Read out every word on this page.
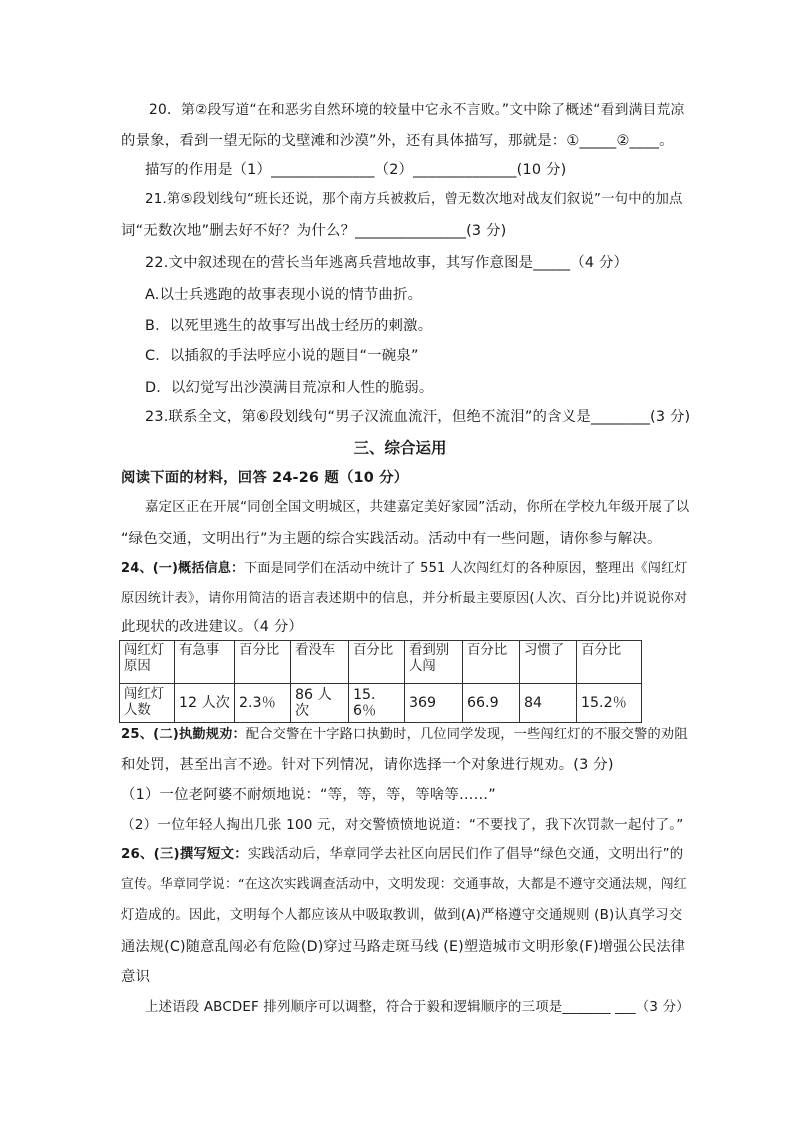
20．第②段写道“在和恶劣自然环境的较量中它永不言败。”文中除了概述“看到满目荒凉
的景象，看到一望无际的戈壁滩和沙漠”外，还有具体描写，那就是：①_____②____。
描写的作用是（1）______________（2）______________(10 分)
21.第⑤段划线句“班长还说，那个南方兵被救后，曾无数次地对战友们叙说”一句中的加点
词“无数次地”删去好不好？为什么？_______________(3 分)
22.文中叙述现在的营长当年逃离兵营地故事，其写作意图是_____（4 分）
A.以士兵逃跑的故事表现小说的情节曲折。
B．以死里逃生的故事写出战士经历的刺激。
C．以插叙的手法呼应小说的题目“一碗泉”
D．以幻觉写出沙漠满目荒凉和人性的脆弱。
23.联系全文，第⑥段划线句“男子汉流血流汗，但绝不流泪”的含义是________(3 分)
三、综合运用
阅读下面的材料，回答 24-26 题（10 分）
嘉定区正在开展“同创全国文明城区，共建嘉定美好家园”活动，你所在学校九年级开展了以
“绿色交通，文明出行”为主题的综合实践活动。活动中有一些问题，请你参与解决。
24、(一)概括信息：下面是同学们在活动中统计了 551 人次闯红灯的各种原因，整理出《闯红灯
原因统计表》，请你用简洁的语言表述期中的信息，并分析最主要原因(人次、百分比)并说说你对
此现状的改进建议。（4 分）
闯红灯原因	有急事	百分比	看没车	百分比	看到别人闯	百分比	习惯了	百分比
闯红灯人数	12 人次	2.3％	86 人次	15．6％	369	66.9	84	15.2％
25、(二)执勤规劝：配合交警在十字路口执勤时，几位同学发现，一些闯红灯的不服交警的劝阻
和处罚，甚至出言不逊。针对下列情况，请你选择一个对象进行规劝。(3 分)
（1）一位老阿婆不耐烦地说：“等，等，等，等啥等……”
（2）一位年轻人掏出几张 100 元，对交警愤愤地说道：“不要找了，我下次罚款一起付了。”
26、(三)撰写短文：实践活动后，华章同学去社区向居民们作了倡导“绿色交通，文明出行”的
宣传。华章同学说：“在这次实践调查活动中，文明发现：交通事故，大都是不遵守交通法规，闯红
灯造成的。因此，文明每个人都应该从中吸取教训，做到(A)严格遵守交通规则 (B)认真学习交
通法规(C)随意乱闯必有危险(D)穿过马路走斑马线 (E)塑造城市文明形象(F)增强公民法律
意识
上述语段 ABCDEF 排列顺序可以调整，符合于毅和逻辑顺序的三项是_______ ___（3 分）
